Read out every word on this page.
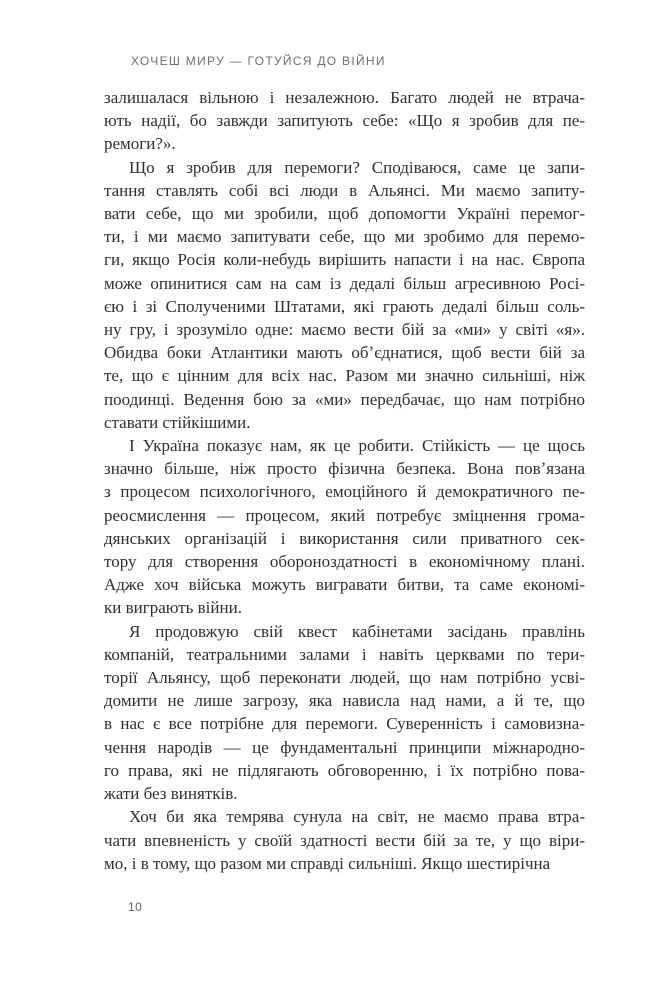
ХОЧЕШ МИРУ — ГОТУЙСЯ ДО ВІЙНИ
залишалася вільною і незалежною. Багато людей не втрача-
ють надії, бо завжди запитують себе: «Що я зробив для пе-
ремоги?».
Що я зробив для перемоги? Сподіваюся, саме це запи-
тання ставлять собі всі люди в Альянсі. Ми маємо запиту-
вати себе, що ми зробили, щоб допомогти Україні перемог-
ти, і ми маємо запитувати себе, що ми зробимо для перемо-
ги, якщо Росія коли-небудь вирішить напасти і на нас. Європа
може опинитися сам на сам із дедалі більш агресивною Росі-
єю і зі Сполученими Штатами, які грають дедалі більш соль-
ну гру, і зрозуміло одне: маємо вести бій за «ми» у світі «я».
Обидва боки Атлантики мають обʼєднатися, щоб вести бій за
те, що є цінним для всіх нас. Разом ми значно сильніші, ніж
поодинці. Ведення бою за «ми» передбачає, що нам потрібно
ставати стійкішими.
І Україна показує нам, як це робити. Стійкість — це щось
значно більше, ніж просто фізична безпека. Вона повʼязана
з процесом психологічного, емоційного й демократичного пе-
реосмислення — процесом, який потребує зміцнення грома-
дянських організацій і використання сили приватного сек-
тору для створення обороноздатності в економічному плані.
Адже хоч війська можуть вигравати битви, та саме економі-
ки виграють війни.
Я продовжую свій квест кабінетами засідань правлінь
компаній, театральними залами і навіть церквами по тери-
торії Альянсу, щоб переконати людей, що нам потрібно усві-
домити не лише загрозу, яка нависла над нами, а й те, що
в нас є все потрібне для перемоги. Суверенність і самовизна-
чення народів — це фундаментальні принципи міжнародно-
го права, які не підлягають обговоренню, і їх потрібно пова-
жати без винятків.
Хоч би яка темрява сунула на світ, не маємо права втра-
чати впевненість у своїй здатності вести бій за те, у що віри-
мо, і в тому, що разом ми справді сильніші. Якщо шестирічна
10
